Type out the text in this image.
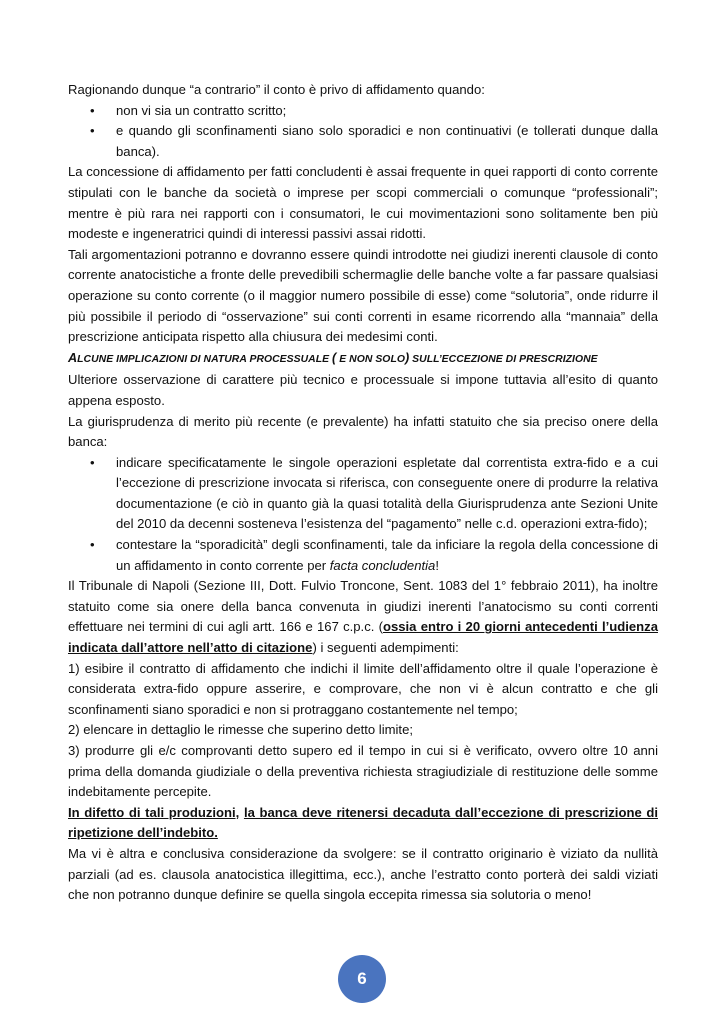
Ragionando dunque “a contrario” il conto è privo di affidamento quando:

• non vi sia un contratto scritto;
• e quando gli sconfinamenti siano solo sporadici e non continuativi (e tollerati dunque dalla banca).

La concessione di affidamento per fatti concludenti è assai frequente in quei rapporti di conto corrente stipulati con le banche da società o imprese per scopi commerciali o comunque “professionali”; mentre è più rara nei rapporti con i consumatori, le cui movimentazioni sono solitamente ben più modeste e ingeneratrici quindi di interessi passivi assai ridotti.

Tali argomentazioni potranno e dovranno essere quindi introdotte nei giudizi inerenti clausole di conto corrente anatocistiche a fronte delle prevedibili schermaglie delle banche volte a far passare qualsiasi operazione su conto corrente (o il maggior numero possibile di esse) come “solutoria”, onde ridurre il più possibile il periodo di “osservazione” sui conti correnti in esame ricorrendo alla “mannaia” della prescrizione anticipata rispetto alla chiusura dei medesimi conti.

ALCUNE IMPLICAZIONI DI NATURA PROCESSUALE ( E NON SOLO) SULL’ECCEZIONE DI PRESCRIZIONE

Ulteriore osservazione di carattere più tecnico e processuale si impone tuttavia all’esito di quanto appena esposto.

La giurisprudenza di merito più recente (e prevalente) ha infatti statuito che sia preciso onere della banca:

• indicare specificatamente le singole operazioni espletate dal correntista extra-fido e a cui l’eccezione di prescrizione invocata si riferisca, con conseguente onere di produrre la relativa documentazione (e ciò in quanto già la quasi totalità della Giurisprudenza ante Sezioni Unite del 2010 da decenni sosteneva l’esistenza del “pagamento” nelle c.d. operazioni extra-fido);
• contestare la “sporadicità” degli sconfinamenti, tale da inficiare la regola della concessione di un affidamento in conto corrente per facta concludentia!

Il Tribunale di Napoli (Sezione III, Dott. Fulvio Troncone, Sent. 1083 del 1° febbraio 2011), ha inoltre statuito come sia onere della banca convenuta in giudizi inerenti l’anatocismo su conti correnti effettuare nei termini di cui agli artt. 166 e 167 c.p.c. (ossia entro i 20 giorni antecedenti l’udienza indicata dall’attore nell’atto di citazione) i seguenti adempimenti:

1) esibire il contratto di affidamento che indichi il limite dell’affidamento oltre il quale l’operazione è considerata extra-fido oppure asserire, e comprovare, che non vi è alcun contratto e che gli sconfinamenti siano sporadici e non si protraggano costantemente nel tempo;

2) elencare in dettaglio le rimesse che superino detto limite;

3) produrre gli e/c comprovanti detto supero ed il tempo in cui si è verificato, ovvero oltre 10 anni prima della domanda giudiziale o della preventiva richiesta stragiudiziale di restituzione delle somme indebitamente percepite.

In difetto di tali produzioni, la banca deve ritenersi decaduta dall’eccezione di prescrizione di ripetizione dell’indebito.

Ma vi è altra e conclusiva considerazione da svolgere: se il contratto originario è viziato da nullità parziali (ad es. clausola anatocistica illegittima, ecc.), anche l’estratto conto porterà dei saldi viziati che non potranno dunque definire se quella singola eccepita rimessa sia solutoria o meno!

6
